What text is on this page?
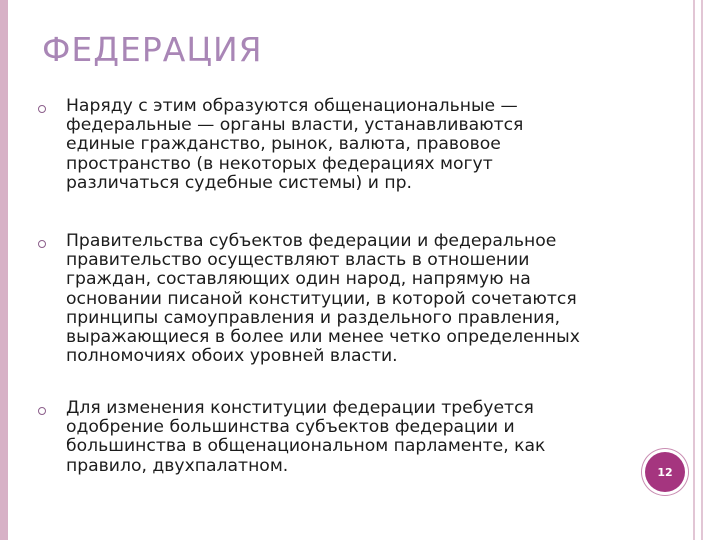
ФЕДЕРАЦИЯ
Наряду с этим образуются общенациональные —
федеральные — органы власти, устанавливаются
единые гражданство, рынок, валюта, правовое
пространство (в некоторых федерациях могут
различаться судебные системы) и пр.
Правительства субъектов федерации и федеральное
правительство осуществляют власть в отношении
граждан, составляющих один народ, напрямую на
основании писаной конституции, в которой сочетаются
принципы самоуправления и раздельного правления,
выражающиеся в более или менее четко определенных
полномочиях обоих уровней власти.
Для изменения конституции федерации требуется
одобрение большинства субъектов федерации и
большинства в общенациональном парламенте, как
правило, двухпалатном.	12
